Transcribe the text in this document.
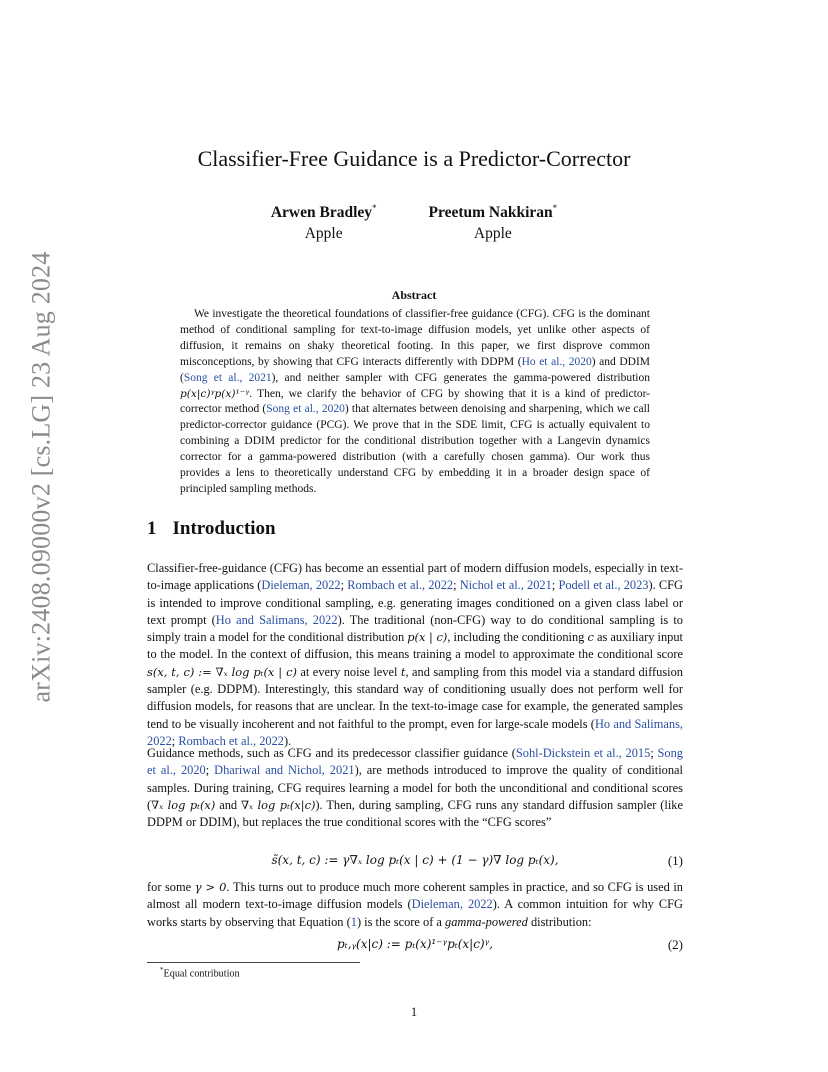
arXiv:2408.09000v2 [cs.LG] 23 Aug 2024
Classifier-Free Guidance is a Predictor-Corrector
Arwen Bradley*
Apple
Preetum Nakkiran*
Apple
Abstract

We investigate the theoretical foundations of classifier-free guidance (CFG). CFG is the dominant method of conditional sampling for text-to-image diffusion models, yet unlike other aspects of diffusion, it remains on shaky theoretical footing. In this paper, we first disprove common misconceptions, by showing that CFG interacts differently with DDPM (Ho et al., 2020) and DDIM (Song et al., 2021), and neither sampler with CFG generates the gamma-powered distribution p(x|c)ᵞp(x)¹⁻ᵞ. Then, we clarify the behavior of CFG by showing that it is a kind of predictor-corrector method (Song et al., 2020) that alternates between denoising and sharpening, which we call predictor-corrector guidance (PCG). We prove that in the SDE limit, CFG is actually equivalent to combining a DDIM predictor for the conditional distribution together with a Langevin dynamics corrector for a gamma-powered distribution (with a carefully chosen gamma). Our work thus provides a lens to theoretically understand CFG by embedding it in a broader design space of principled sampling methods.

1 Introduction

Classifier-free-guidance (CFG) has become an essential part of modern diffusion models, especially in text-to-image applications (Dieleman, 2022; Rombach et al., 2022; Nichol et al., 2021; Podell et al., 2023). CFG is intended to improve conditional sampling, e.g. generating images conditioned on a given class label or text prompt (Ho and Salimans, 2022). The traditional (non-CFG) way to do conditional sampling is to simply train a model for the conditional distribution p(x | c), including the conditioning c as auxiliary input to the model. In the context of diffusion, this means training a model to approximate the conditional score s(x, t, c) := ∇ₓ log pₜ(x | c) at every noise level t, and sampling from this model via a standard diffusion sampler (e.g. DDPM). Interestingly, this standard way of conditioning usually does not perform well for diffusion models, for reasons that are unclear. In the text-to-image case for example, the generated samples tend to be visually incoherent and not faithful to the prompt, even for large-scale models (Ho and Salimans, 2022; Rombach et al., 2022).

Guidance methods, such as CFG and its predecessor classifier guidance (Sohl-Dickstein et al., 2015; Song et al., 2020; Dhariwal and Nichol, 2021), are methods introduced to improve the quality of conditional samples. During training, CFG requires learning a model for both the unconditional and conditional scores (∇ₓ log pₜ(x) and ∇ₓ log pₜ(x|c)). Then, during sampling, CFG runs any standard diffusion sampler (like DDPM or DDIM), but replaces the true conditional scores with the “CFG scores”

s̃(x, t, c) := γ∇ₓ log pₜ(x | c) + (1 − γ)∇ log pₜ(x),	(1)

for some γ > 0. This turns out to produce much more coherent samples in practice, and so CFG is used in almost all modern text-to-image diffusion models (Dieleman, 2022). A common intuition for why CFG works starts by observing that Equation (1) is the score of a gamma-powered distribution:

pₜ,ᵧ(x|c) := pₜ(x)¹⁻ᵞpₜ(x|c)ᵞ,	(2)
*Equal contribution
1
